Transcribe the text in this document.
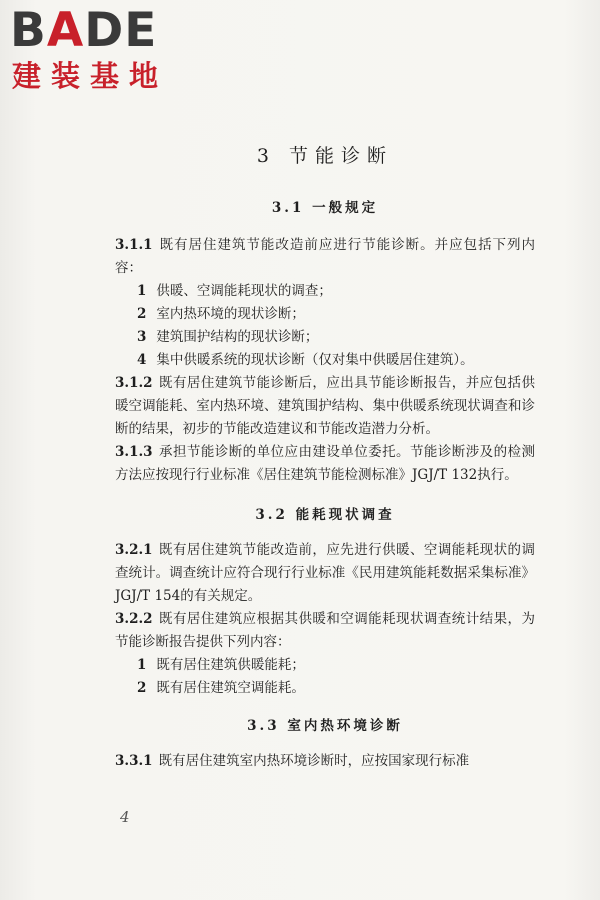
BADE
建装基地
3 节能诊断
3.1 一般规定

3.1.1 既有居住建筑节能改造前应进行节能诊断。并应包括下列内容：

1 供暖、空调能耗现状的调查；

2 室内热环境的现状诊断；

3 建筑围护结构的现状诊断；

4 集中供暖系统的现状诊断（仅对集中供暖居住建筑）。

3.1.2 既有居住建筑节能诊断后，应出具节能诊断报告，并应包括供暖空调能耗、室内热环境、建筑围护结构、集中供暖系统现状调查和诊断的结果，初步的节能改造建议和节能改造潜力分析。

3.1.3 承担节能诊断的单位应由建设单位委托。节能诊断涉及的检测方法应按现行行业标准《居住建筑节能检测标准》JGJ/T 132执行。

3.2 能耗现状调查

3.2.1 既有居住建筑节能改造前，应先进行供暖、空调能耗现状的调查统计。调查统计应符合现行行业标准《民用建筑能耗数据采集标准》JGJ/T 154的有关规定。

3.2.2 既有居住建筑应根据其供暖和空调能耗现状调查统计结果，为节能诊断报告提供下列内容：

1 既有居住建筑供暖能耗；

2 既有居住建筑空调能耗。

3.3 室内热环境诊断

3.3.1 既有居住建筑室内热环境诊断时，应按国家现行标准

4
